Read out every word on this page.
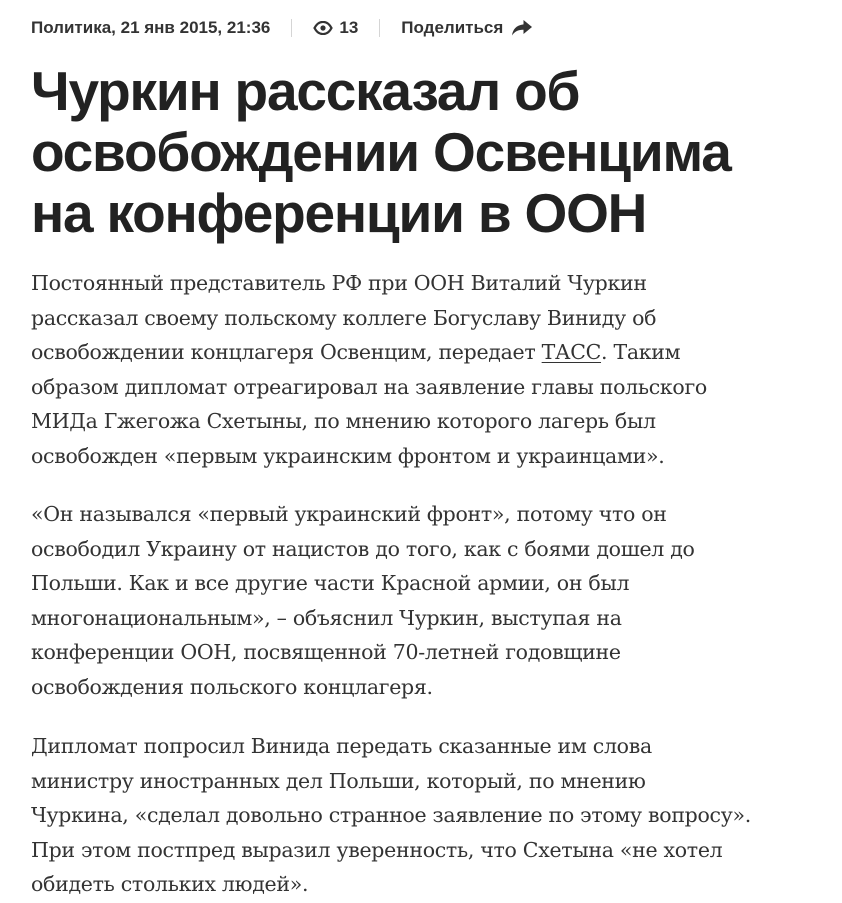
Политика, 21 янв 2015, 21:36	13	Поделиться
Чуркин рассказал об
освобождении Освенцима
на конференции в ООН

Постоянный представитель РФ при ООН Виталий Чуркин
рассказал своему польскому коллеге Богуславу Виниду об
освобождении концлагеря Освенцим, передает ТАСС. Таким
образом дипломат отреагировал на заявление главы польского
МИДа Гжегожа Схетыны, по мнению которого лагерь был
освобожден «первым украинским фронтом и украинцами».

«Он назывался «первый украинский фронт», потому что он
освободил Украину от нацистов до того, как с боями дошел до
Польши. Как и все другие части Красной армии, он был
многонациональным», – объяснил Чуркин, выступая на
конференции ООН, посвященной 70-летней годовщине
освобождения польского концлагеря.

Дипломат попросил Винида передать сказанные им слова
министру иностранных дел Польши, который, по мнению
Чуркина, «сделал довольно странное заявление по этому вопросу».
При этом постпред выразил уверенность, что Схетына «не хотел
обидеть стольких людей».
